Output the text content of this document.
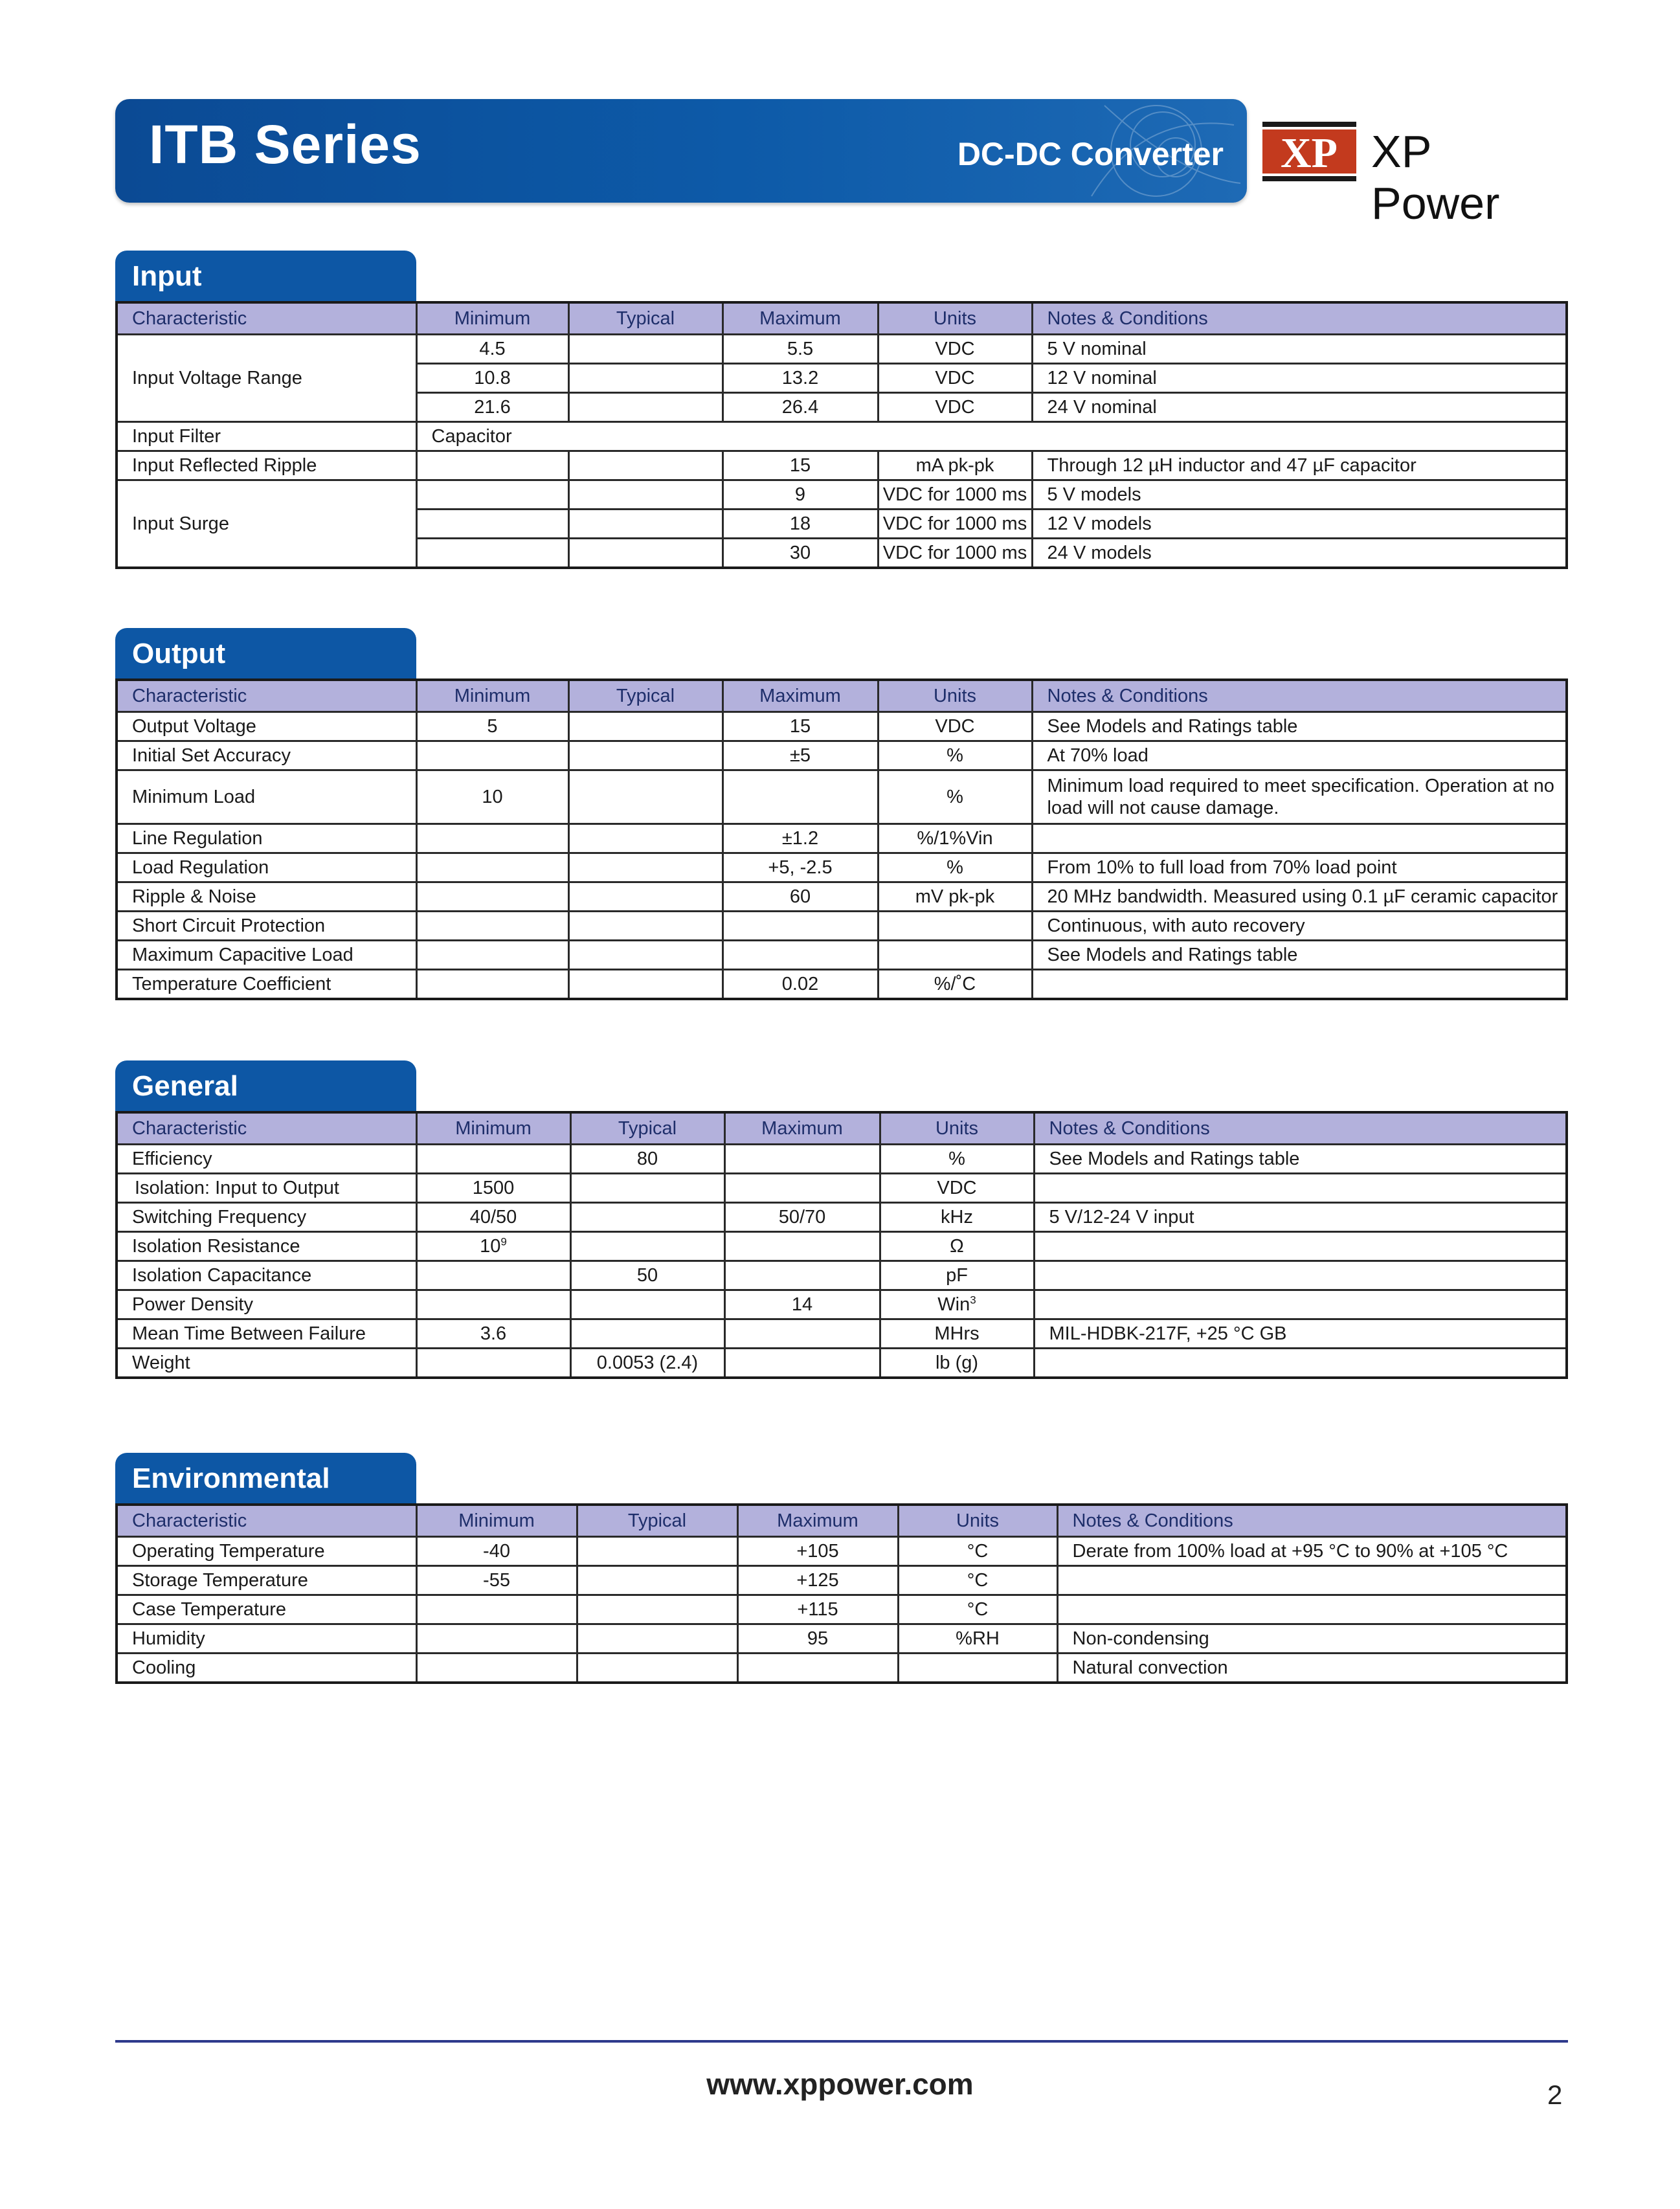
ITB Series	DC-DC Converter XP XP Power
Input
Characteristic	Minimum	Typical	Maximum	Units	Notes & Conditions
Input Voltage Range	4.5		5.5	VDC	5 V nominal
	10.8		13.2	VDC	12 V nominal
	21.6		26.4	VDC	24 V nominal
Input Filter	Capacitor				
Input Reflected Ripple			15	mA pk-pk	Through 12 µH inductor and 47 µF capacitor
Input Surge			9	VDC for 1000 ms	5 V models
			18	VDC for 1000 ms	12 V models
			30	VDC for 1000 ms	24 V models
Output
Characteristic	Minimum	Typical	Maximum	Units	Notes & Conditions
Output Voltage	5		15	VDC	See Models and Ratings table
Initial Set Accuracy			±5	%	At 70% load
Minimum Load	10			%	Minimum load required to meet specification. Operation at no load will not cause damage.
Line Regulation			±1.2	%/1%Vin	
Load Regulation			+5, -2.5	%	From 10% to full load from 70% load point
Ripple & Noise			60	mV pk-pk	20 MHz bandwidth. Measured using 0.1 µF ceramic capacitor
Short Circuit Protection					Continuous, with auto recovery
Maximum Capacitive Load					See Models and Ratings table
Temperature Coefficient			0.02	%/˚C	
General
Characteristic	Minimum	Typical	Maximum	Units	Notes & Conditions
Efficiency		80		%	See Models and Ratings table
Isolation: Input to Output	1500			VDC	
Switching Frequency	40/50		50/70	kHz	5 V/12-24 V input
Isolation Resistance	$10^9$			Ω	
Isolation Capacitance		50		pF	
Power Density			14	Win$^3$	
Mean Time Between Failure	3.6			MHrs	MIL-HDBK-217F, +25 °C GB
Weight		0.0053 (2.4)		lb (g)	
Environmental
Characteristic	Minimum	Typical	Maximum	Units	Notes & Conditions
Operating Temperature	-40		+105	°C	Derate from 100% load at +95 °C to 90% at +105 °C
Storage Temperature	-55		+125	°C	
Case Temperature			+115	°C	
Humidity			95	%RH	Non-condensing
Cooling					Natural convection
www.xppower.com	2
